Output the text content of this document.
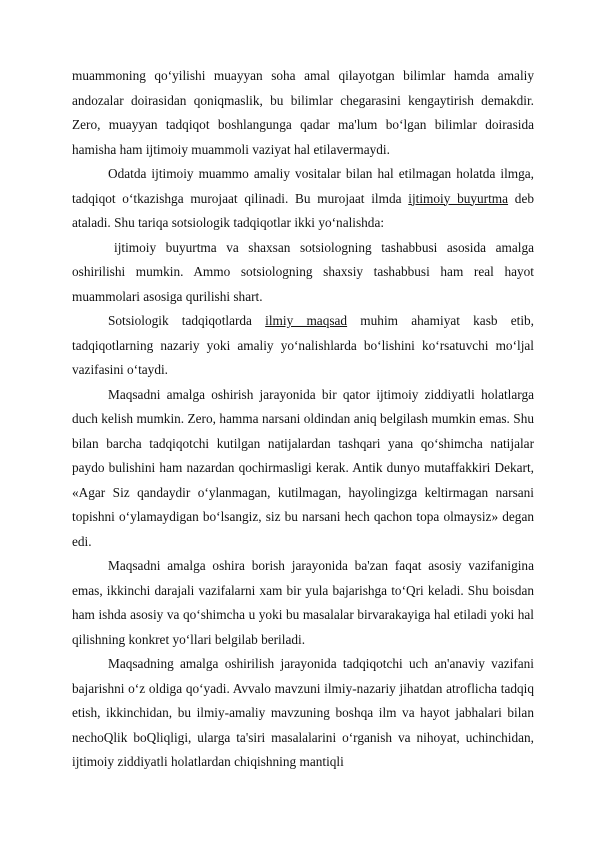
muammoning qo‘yilishi muayyan soha amal qilayotgan bilimlar hamda amaliy andozalar doirasidan qoniqmaslik, bu bilimlar chegarasini kengaytirish demakdir. Zero, muayyan tadqiqot boshlangunga qadar ma'lum bo‘lgan bilimlar doirasida hamisha ham ijtimoiy muammoli vaziyat hal etilavermaydi.

Odatda ijtimoiy muammo amaliy vositalar bilan hal etilmagan holatda ilmga, tadqiqot o‘tkazishga murojaat qilinadi. Bu murojaat ilmda ijtimoiy buyurtma deb ataladi. Shu tariqa sotsiologik tadqiqotlar ikki yo‘nalishda:

ijtimoiy buyurtma va shaxsan sotsiologning tashabbusi asosida amalga oshirilishi mumkin. Ammo sotsiologning shaxsiy tashabbusi ham real hayot muammolari asosiga qurilishi shart.

Sotsiologik tadqiqotlarda ilmiy maqsad muhim ahamiyat kasb etib, tadqiqotlarning nazariy yoki amaliy yo‘nalishlarda bo‘lishini ko‘rsatuvchi mo‘ljal vazifasini o‘taydi.

Maqsadni amalga oshirish jarayonida bir qator ijtimoiy ziddiyatli holatlarga duch kelish mumkin. Zero, hamma narsani oldindan aniq belgilash mumkin emas. Shu bilan barcha tadqiqotchi kutilgan natijalardan tashqari yana qo‘shimcha natijalar paydo bulishini ham nazardan qochirmasligi kerak. Antik dunyo mutaffakkiri Dekart, «Agar Siz qandaydir o‘ylanmagan, kutilmagan, hayolingizga keltirmagan narsani topishni o‘ylamaydigan bo‘lsangiz, siz bu narsani hech qachon topa olmaysiz» degan edi.

Maqsadni amalga oshira borish jarayonida ba'zan faqat asosiy vazifanigina emas, ikkinchi darajali vazifalarni xam bir yula bajarishga to‘Qri keladi. Shu boisdan ham ishda asosiy va qo‘shimcha u yoki bu masalalar birvarakayiga hal etiladi yoki hal qilishning konkret yo‘llari belgilab beriladi.

Maqsadning amalga oshirilish jarayonida tadqiqotchi uch an'anaviy vazifani bajarishni o‘z oldiga qo‘yadi. Avvalo mavzuni ilmiy-nazariy jihatdan atroflicha tadqiq etish, ikkinchidan, bu ilmiy-amaliy mavzuning boshqa ilm va hayot jabhalari bilan nechoQlik boQliqligi, ularga ta'siri masalalarini o‘rganish va nihoyat, uchinchidan, ijtimoiy ziddiyatli holatlardan chiqishning mantiqli
